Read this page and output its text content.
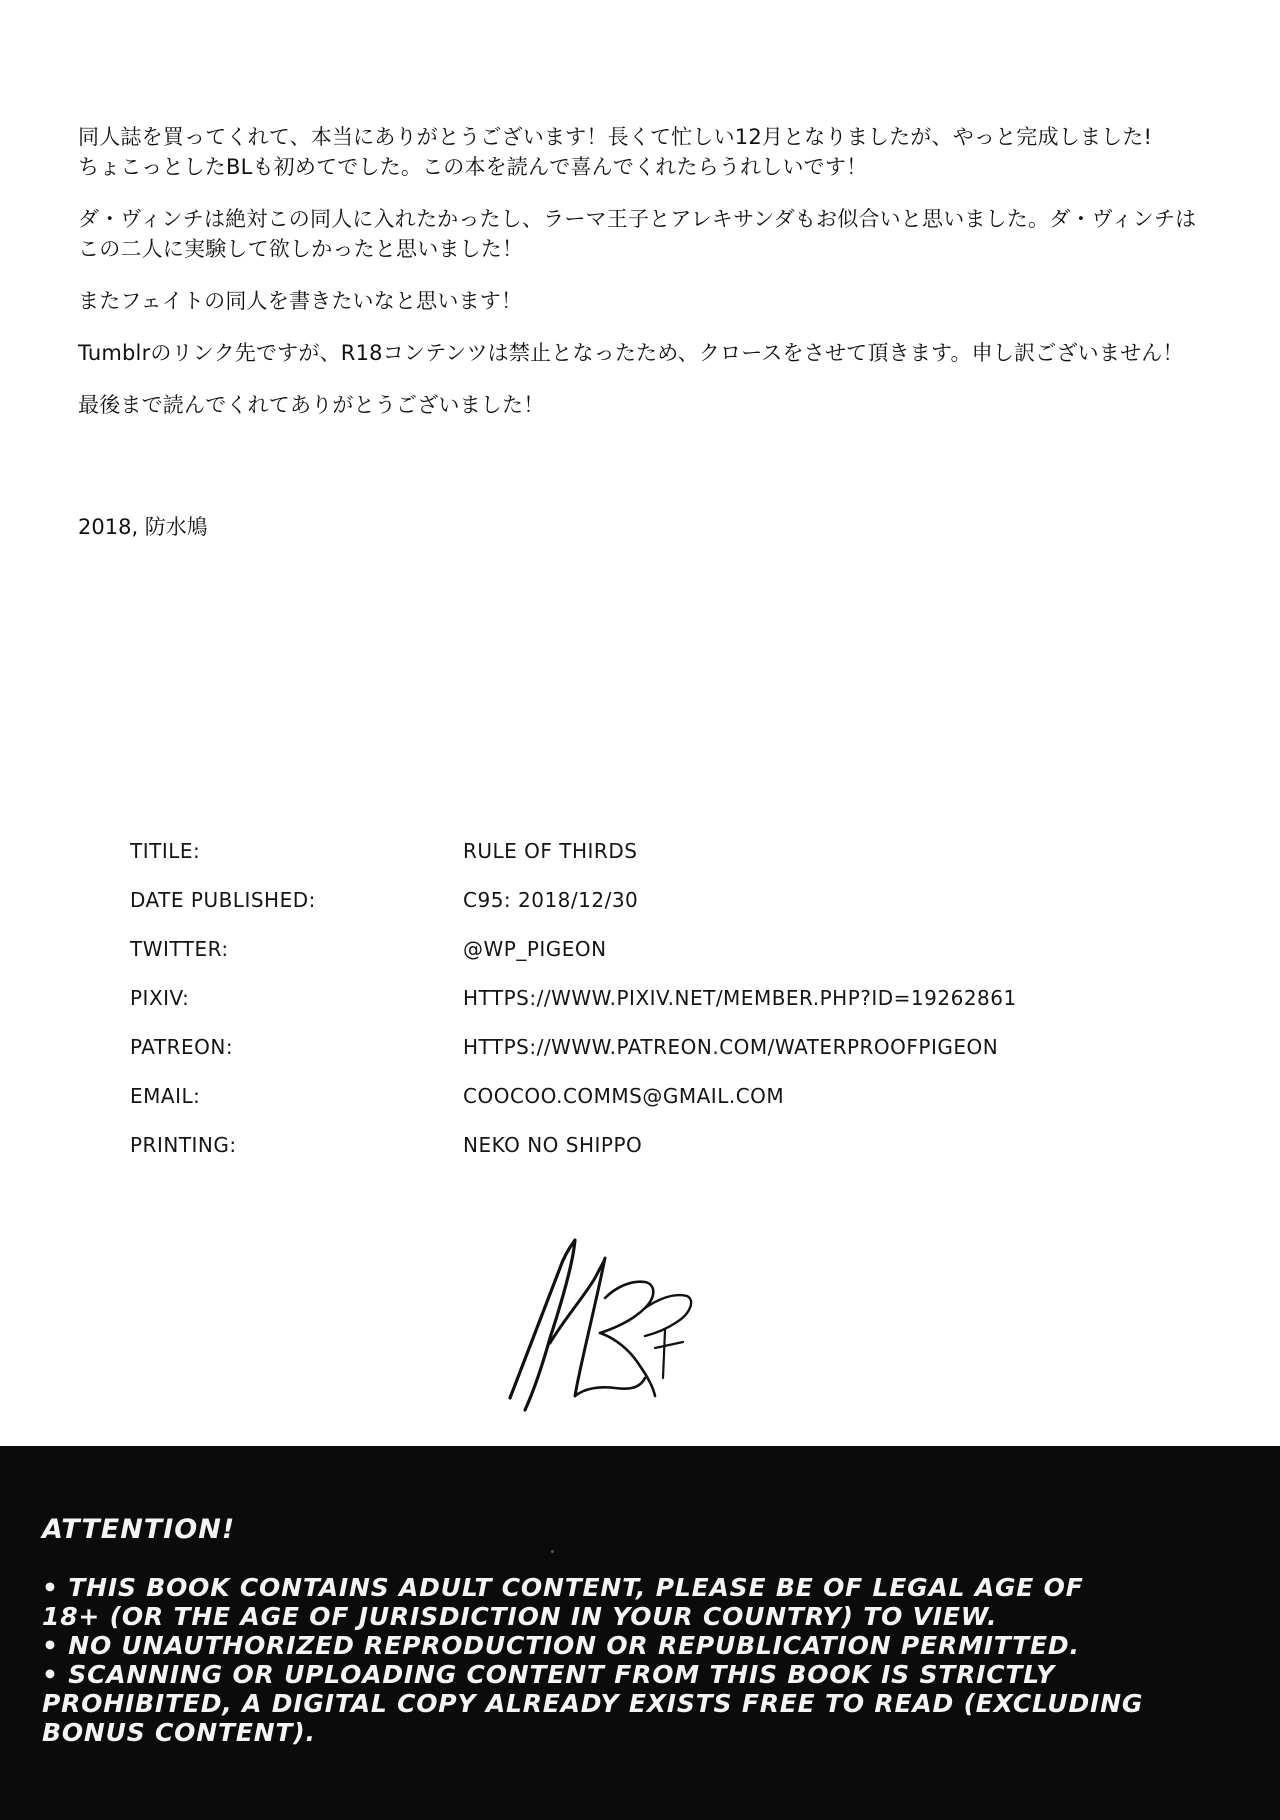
同人誌を買ってくれて、本当にありがとうございます！長くて忙しい12月となりましたが、やっと完成しました!

ちょこっとしたBLも初めてでした。この本を読んで喜んでくれたらうれしいです！

ダ・ヴィンチは絶対この同人に入れたかったし、ラーマ王子とアレキサンダもお似合いと思いました。ダ・ヴィンチは

この二人に実験して欲しかったと思いました！

またフェイトの同人を書きたいなと思います！

Tumblrのリンク先ですが、R18コンテンツは禁止となったため、クロースをさせて頂きます。申し訳ございません！

最後まで読んでくれてありがとうございました！

2018, 防水鳩
TITILE:	RULE OF THIRDS
DATE PUBLISHED:	C95: 2018/12/30
TWITTER:	@WP_PIGEON
PIXIV:	HTTPS://WWW.PIXIV.NET/MEMBER.PHP?ID=19262861
PATREON:	HTTPS://WWW.PATREON.COM/WATERPROOFPIGEON
EMAIL:	COOCOO.COMMS@GMAIL.COM
PRINTING:	NEKO NO SHIPPO
ATTENTION!
• THIS BOOK CONTAINS ADULT CONTENT, PLEASE BE OF LEGAL AGE OF
18+ (OR THE AGE OF JURISDICTION IN YOUR COUNTRY) TO VIEW.
• NO UNAUTHORIZED REPRODUCTION OR REPUBLICATION PERMITTED.
• SCANNING OR UPLOADING CONTENT FROM THIS BOOK IS STRICTLY
PROHIBITED, A DIGITAL COPY ALREADY EXISTS FREE TO READ (EXCLUDING
BONUS CONTENT).
